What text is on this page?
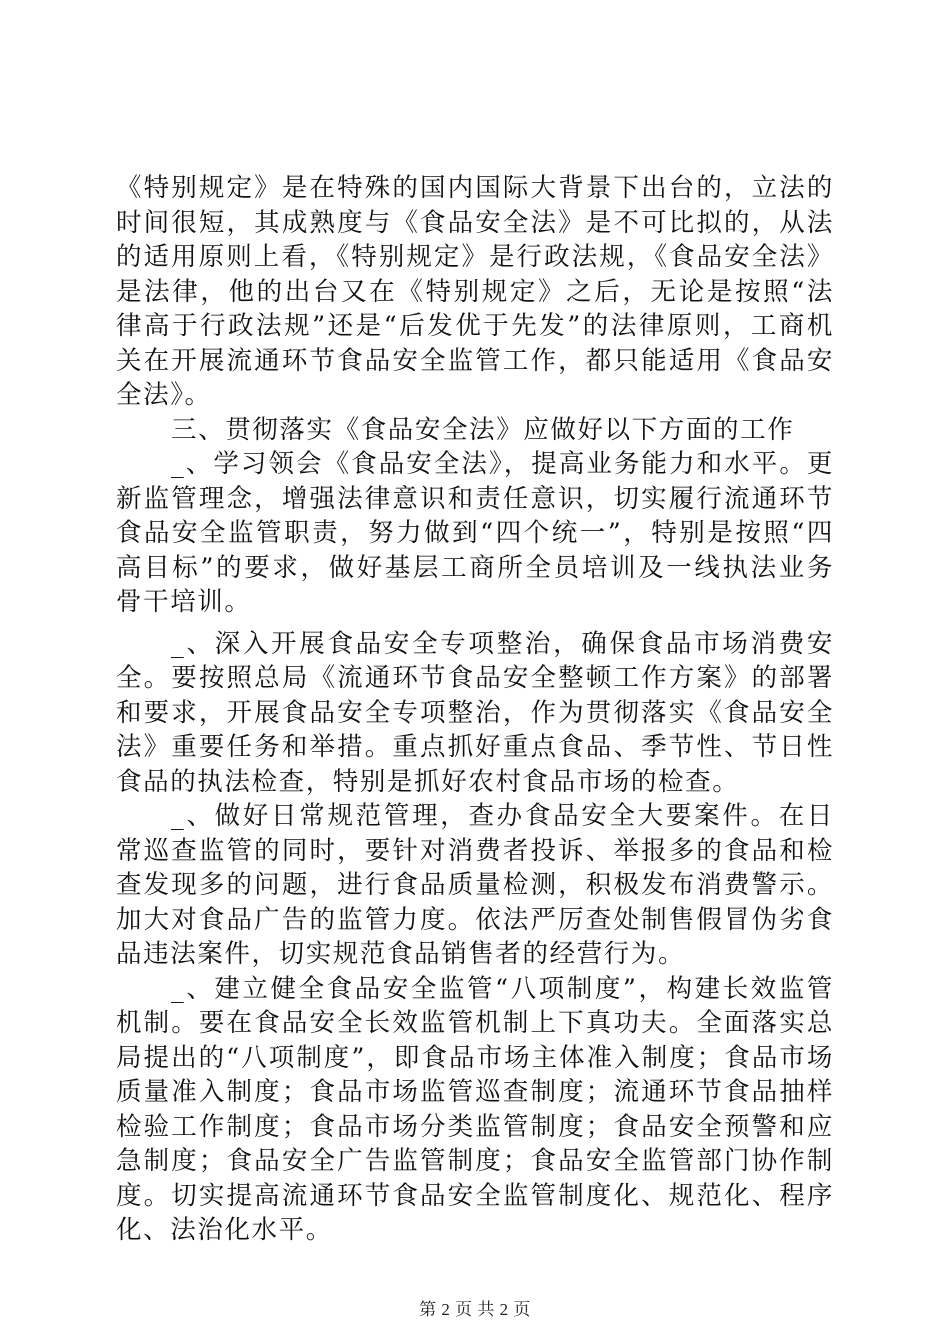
《特别规定》是在特殊的国内国际大背景下出台的，立法的时间很短，其成熟度与《食品安全法》是不可比拟的，从法的适用原则上看，《特别规定》是行政法规，《食品安全法》是法律，他的出台又在《特别规定》之后，无论是按照“法律高于行政法规”还是“后发优于先发”的法律原则，工商机关在开展流通环节食品安全监管工作，都只能适用《食品安全法》。

三、贯彻落实《食品安全法》应做好以下方面的工作

_、学习领会《食品安全法》，提高业务能力和水平。更新监管理念，增强法律意识和责任意识，切实履行流通环节食品安全监管职责，努力做到“四个统一”，特别是按照“四高目标”的要求，做好基层工商所全员培训及一线执法业务骨干培训。

_、深入开展食品安全专项整治，确保食品市场消费安全。要按照总局《流通环节食品安全整顿工作方案》的部署和要求，开展食品安全专项整治，作为贯彻落实《食品安全法》重要任务和举措。重点抓好重点食品、季节性、节日性食品的执法检查，特别是抓好农村食品市场的检查。

_、做好日常规范管理，查办食品安全大要案件。在日常巡查监管的同时，要针对消费者投诉、举报多的食品和检查发现多的问题，进行食品质量检测，积极发布消费警示。加大对食品广告的监管力度。依法严厉查处制售假冒伪劣食品违法案件，切实规范食品销售者的经营行为。

_、建立健全食品安全监管“八项制度”，构建长效监管机制。要在食品安全长效监管机制上下真功夫。全面落实总局提出的“八项制度”，即食品市场主体准入制度；食品市场质量准入制度；食品市场监管巡查制度；流通环节食品抽样检验工作制度；食品市场分类监管制度；食品安全预警和应急制度；食品安全广告监管制度；食品安全监管部门协作制度。切实提高流通环节食品安全监管制度化、规范化、程序化、法治化水平。

第 2 页 共 2 页
